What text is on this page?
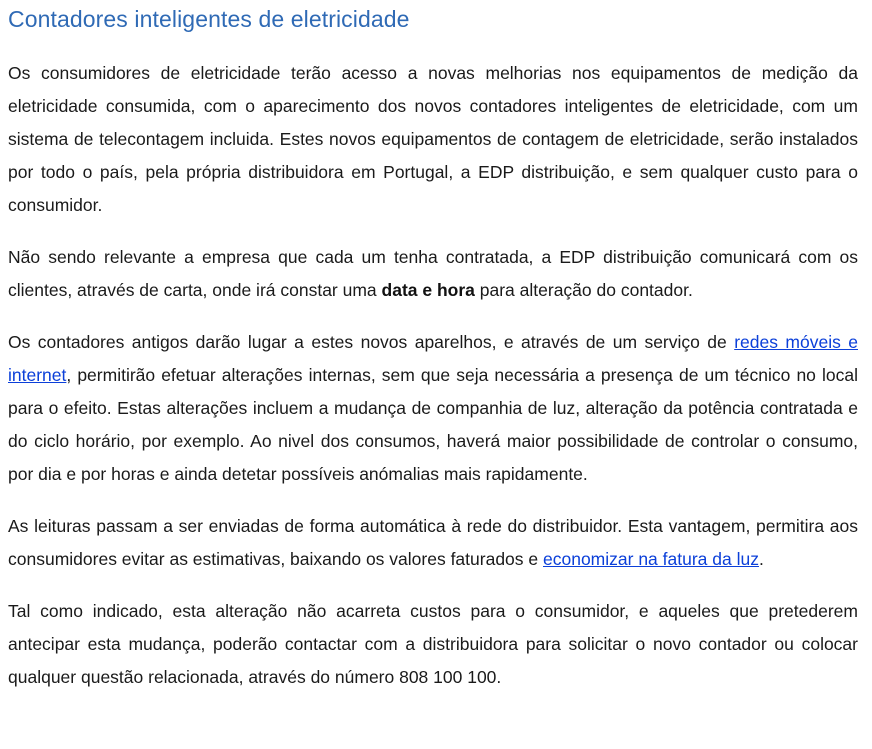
Contadores inteligentes de eletricidade

Os consumidores de eletricidade terão acesso a novas melhorias nos equipamentos de medição da eletricidade consumida, com o aparecimento dos novos contadores inteligentes de eletricidade, com um sistema de telecontagem incluida. Estes novos equipamentos de contagem de eletricidade, serão instalados por todo o país, pela própria distribuidora em Portugal, a EDP distribuição, e sem qualquer custo para o consumidor.

Não sendo relevante a empresa que cada um tenha contratada, a EDP distribuição comunicará com os clientes, através de carta, onde irá constar uma data e hora para alteração do contador.

Os contadores antigos darão lugar a estes novos aparelhos, e através de um serviço de redes móveis e internet, permitirão efetuar alterações internas, sem que seja necessária a presença de um técnico no local para o efeito. Estas alterações incluem a mudança de companhia de luz, alteração da potência contratada e do ciclo horário, por exemplo. Ao nivel dos consumos, haverá maior possibilidade de controlar o consumo, por dia e por horas e ainda detetar possíveis anómalias mais rapidamente.

As leituras passam a ser enviadas de forma automática à rede do distribuidor. Esta vantagem, permitira aos consumidores evitar as estimativas, baixando os valores faturados e economizar na fatura da luz.

Tal como indicado, esta alteração não acarreta custos para o consumidor, e aqueles que pretederem antecipar esta mudança, poderão contactar com a distribuidora para solicitar o novo contador ou colocar qualquer questão relacionada, através do número 808 100 100.
